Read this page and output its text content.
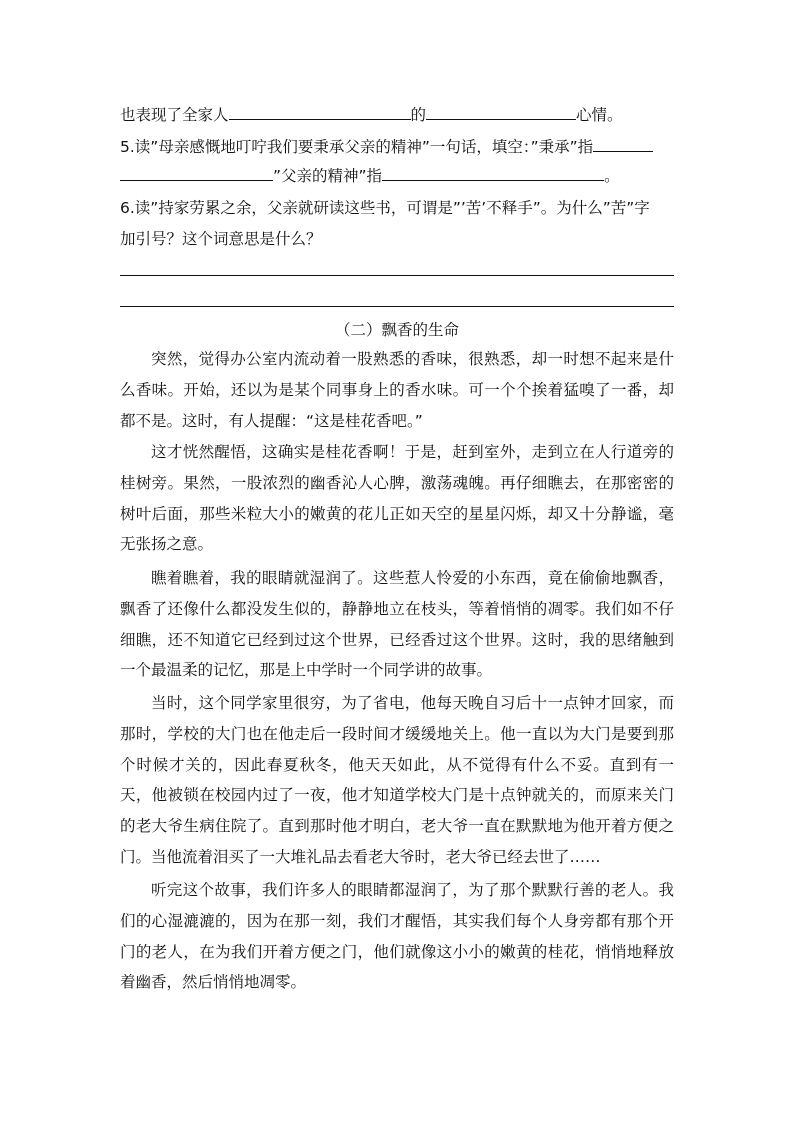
也表现了全家人	的	心情。
5.读”母亲感慨地叮咛我们要秉承父亲的精神”一句话，填空：”秉承”指
”父亲的精神”指	。
6.读”持家劳累之余，父亲就研读这些书，可谓是”’苦’不释手”。为什么”苦”字
加引号？这个词意思是什么？
（二）飘香的生命
突然，觉得办公室内流动着一股熟悉的香味，很熟悉，却一时想不起来是什么香味。开始，还以为是某个同事身上的香水味。可一个个挨着猛嗅了一番，却都不是。这时，有人提醒：“这是桂花香吧。”
这才恍然醒悟，这确实是桂花香啊！于是，赶到室外，走到立在人行道旁的桂树旁。果然，一股浓烈的幽香沁人心脾，激荡魂魄。再仔细瞧去，在那密密的树叶后面，那些米粒大小的嫩黄的花儿正如天空的星星闪烁，却又十分静谧，毫无张扬之意。
瞧着瞧着，我的眼睛就湿润了。这些惹人怜爱的小东西，竟在偷偷地飘香，飘香了还像什么都没发生似的，静静地立在枝头，等着悄悄的凋零。我们如不仔细瞧，还不知道它已经到过这个世界，已经香过这个世界。这时，我的思绪触到一个最温柔的记忆，那是上中学时一个同学讲的故事。
当时，这个同学家里很穷，为了省电，他每天晚自习后十一点钟才回家，而那时，学校的大门也在他走后一段时间才缓缓地关上。他一直以为大门是要到那个时候才关的，因此春夏秋冬，他天天如此，从不觉得有什么不妥。直到有一天，他被锁在校园内过了一夜，他才知道学校大门是十点钟就关的，而原来关门的老大爷生病住院了。直到那时他才明白，老大爷一直在默默地为他开着方便之门。当他流着泪买了一大堆礼品去看老大爷时，老大爷已经去世了……
听完这个故事，我们许多人的眼睛都湿润了，为了那个默默行善的老人。我们的心湿漉漉的，因为在那一刻，我们才醒悟，其实我们每个人身旁都有那个开门的老人，在为我们开着方便之门，他们就像这小小的嫩黄的桂花，悄悄地释放着幽香，然后悄悄地凋零。
